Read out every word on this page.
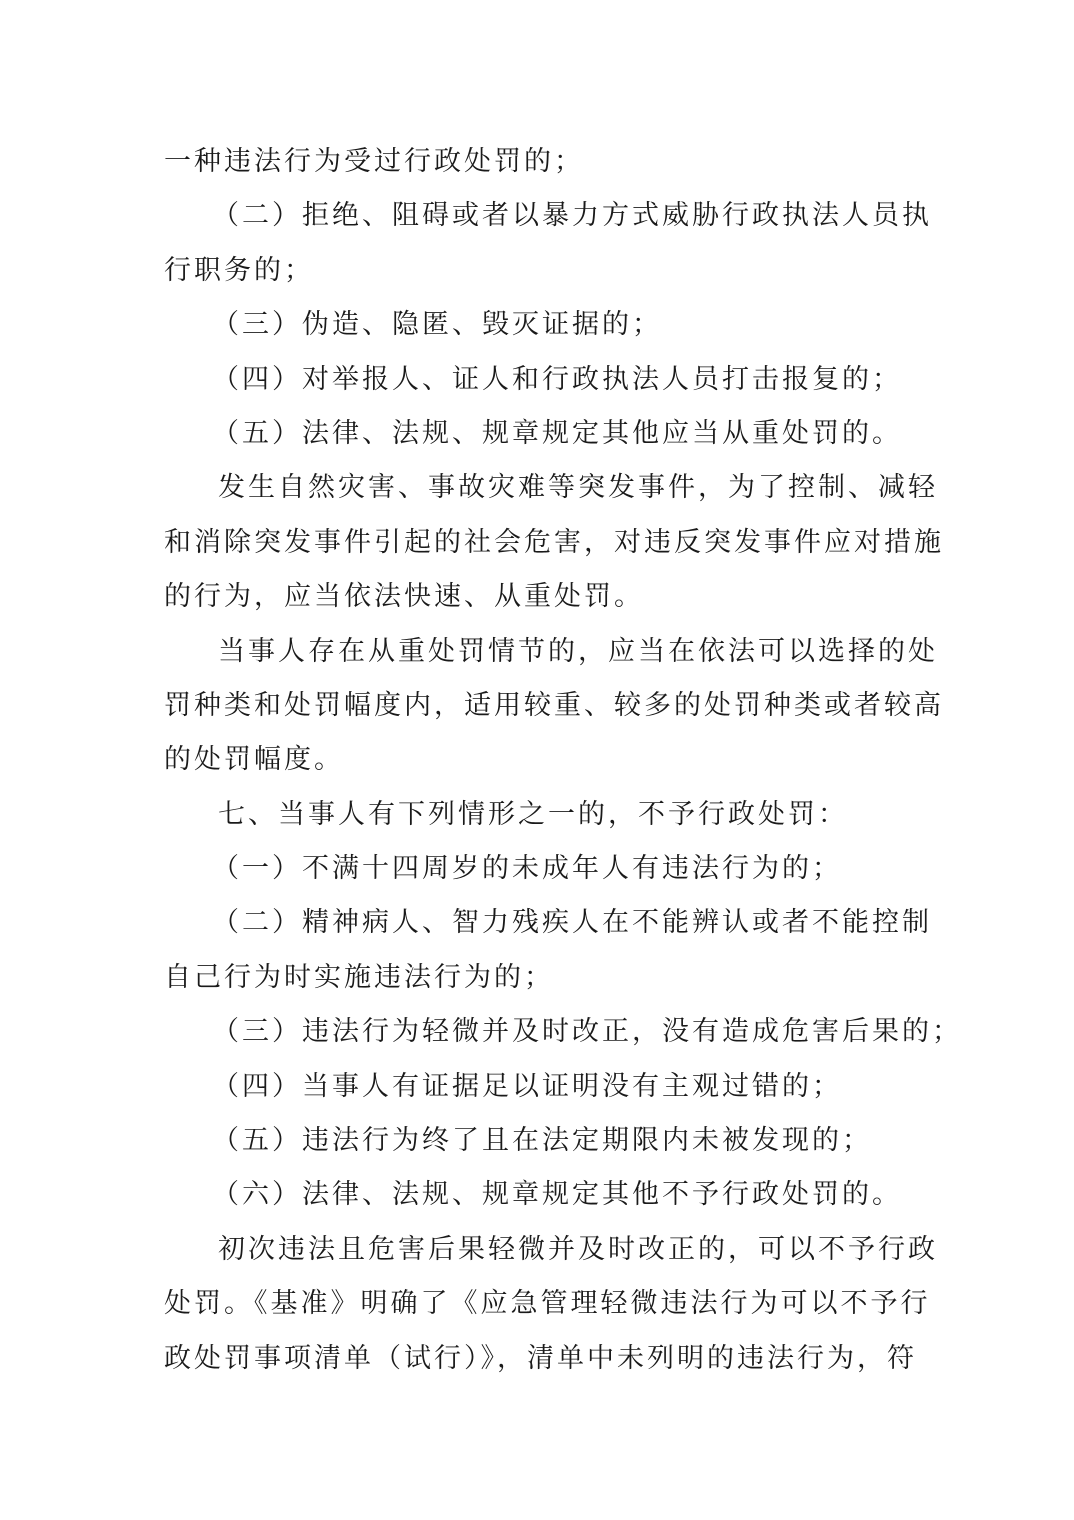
一种违法行为受过行政处罚的；
（二）拒绝、阻碍或者以暴力方式威胁行政执法人员执
行职务的；
（三）伪造、隐匿、毁灭证据的；
（四）对举报人、证人和行政执法人员打击报复的；
（五）法律、法规、规章规定其他应当从重处罚的。
发生自然灾害、事故灾难等突发事件，为了控制、减轻
和消除突发事件引起的社会危害，对违反突发事件应对措施
的行为，应当依法快速、从重处罚。
当事人存在从重处罚情节的，应当在依法可以选择的处
罚种类和处罚幅度内，适用较重、较多的处罚种类或者较高
的处罚幅度。
七、当事人有下列情形之一的，不予行政处罚：
（一）不满十四周岁的未成年人有违法行为的；
（二）精神病人、智力残疾人在不能辨认或者不能控制
自己行为时实施违法行为的；
（三）违法行为轻微并及时改正，没有造成危害后果的；
（四）当事人有证据足以证明没有主观过错的；
（五）违法行为终了且在法定期限内未被发现的；
（六）法律、法规、规章规定其他不予行政处罚的。
初次违法且危害后果轻微并及时改正的，可以不予行政
处罚。《基准》明确了《应急管理轻微违法行为可以不予行
政处罚事项清单（试行）》，清单中未列明的违法行为，符
